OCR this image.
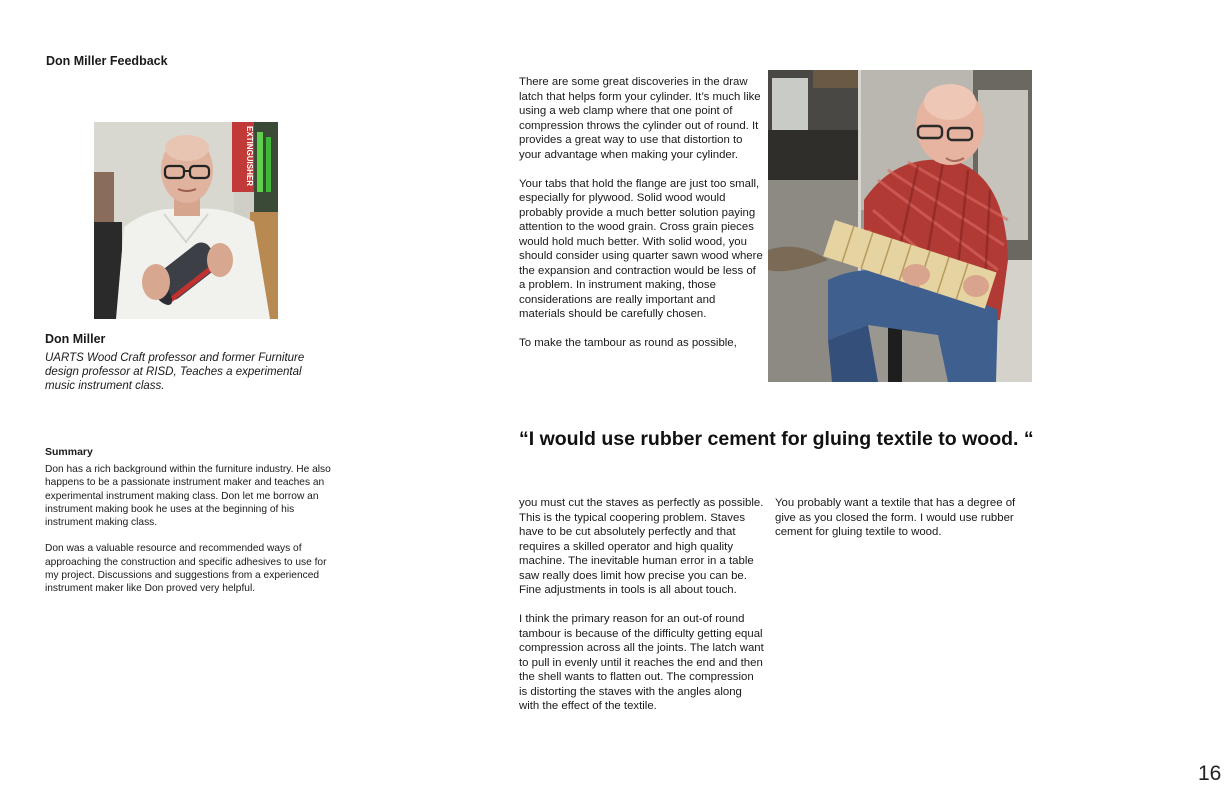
Don Miller Feedback
EXTINGUISHER
Don Miller
UARTS Wood Craft professor and former Furniture design professor at RISD, Teaches a experimental music instrument class.
Summary

Don has a rich background within the furniture industry. He also happens to be a passionate instrument maker and teaches an experimental instrument making class. Don let me borrow an instrument making book he uses at the beginning of his instrument making class.

Don was a valuable resource and recommended ways of approaching the construction and specific adhesives to use for my project. Discussions and suggestions from a experienced instrument maker like Don proved very helpful.

There are some great discoveries in the draw latch that helps form your cylinder. It’s much like using a web clamp where that one point of compression throws the cylinder out of round. It provides a great way to use that distortion to your advantage when making your cylinder.

Your tabs that hold the flange are just too small, especially for plywood. Solid wood would probably provide a much better solution paying attention to the wood grain. Cross grain pieces would hold much better. With solid wood, you should consider using quarter sawn wood where the expansion and contraction would be less of a problem. In instrument making, those considerations are really important and materials should be carefully chosen.

To make the tambour as round as possible,

“I would use rubber cement for gluing textile to wood. “

you must cut the staves as perfectly as possible. This is the typical coopering problem. Staves have to be cut absolutely perfectly and that requires a skilled operator and high quality machine. The inevitable human error in a table saw really does limit how precise you can be. Fine adjustments in tools is all about touch.

I think the primary reason for an out-of round tambour is because of the difficulty getting equal compression across all the joints. The latch want to pull in evenly until it reaches the end and then the shell wants to flatten out. The compression is distorting the staves with the angles along with the effect of the textile.

You probably want a textile that has a degree of give as you closed the form. I would use rubber cement for gluing textile to wood.

16
